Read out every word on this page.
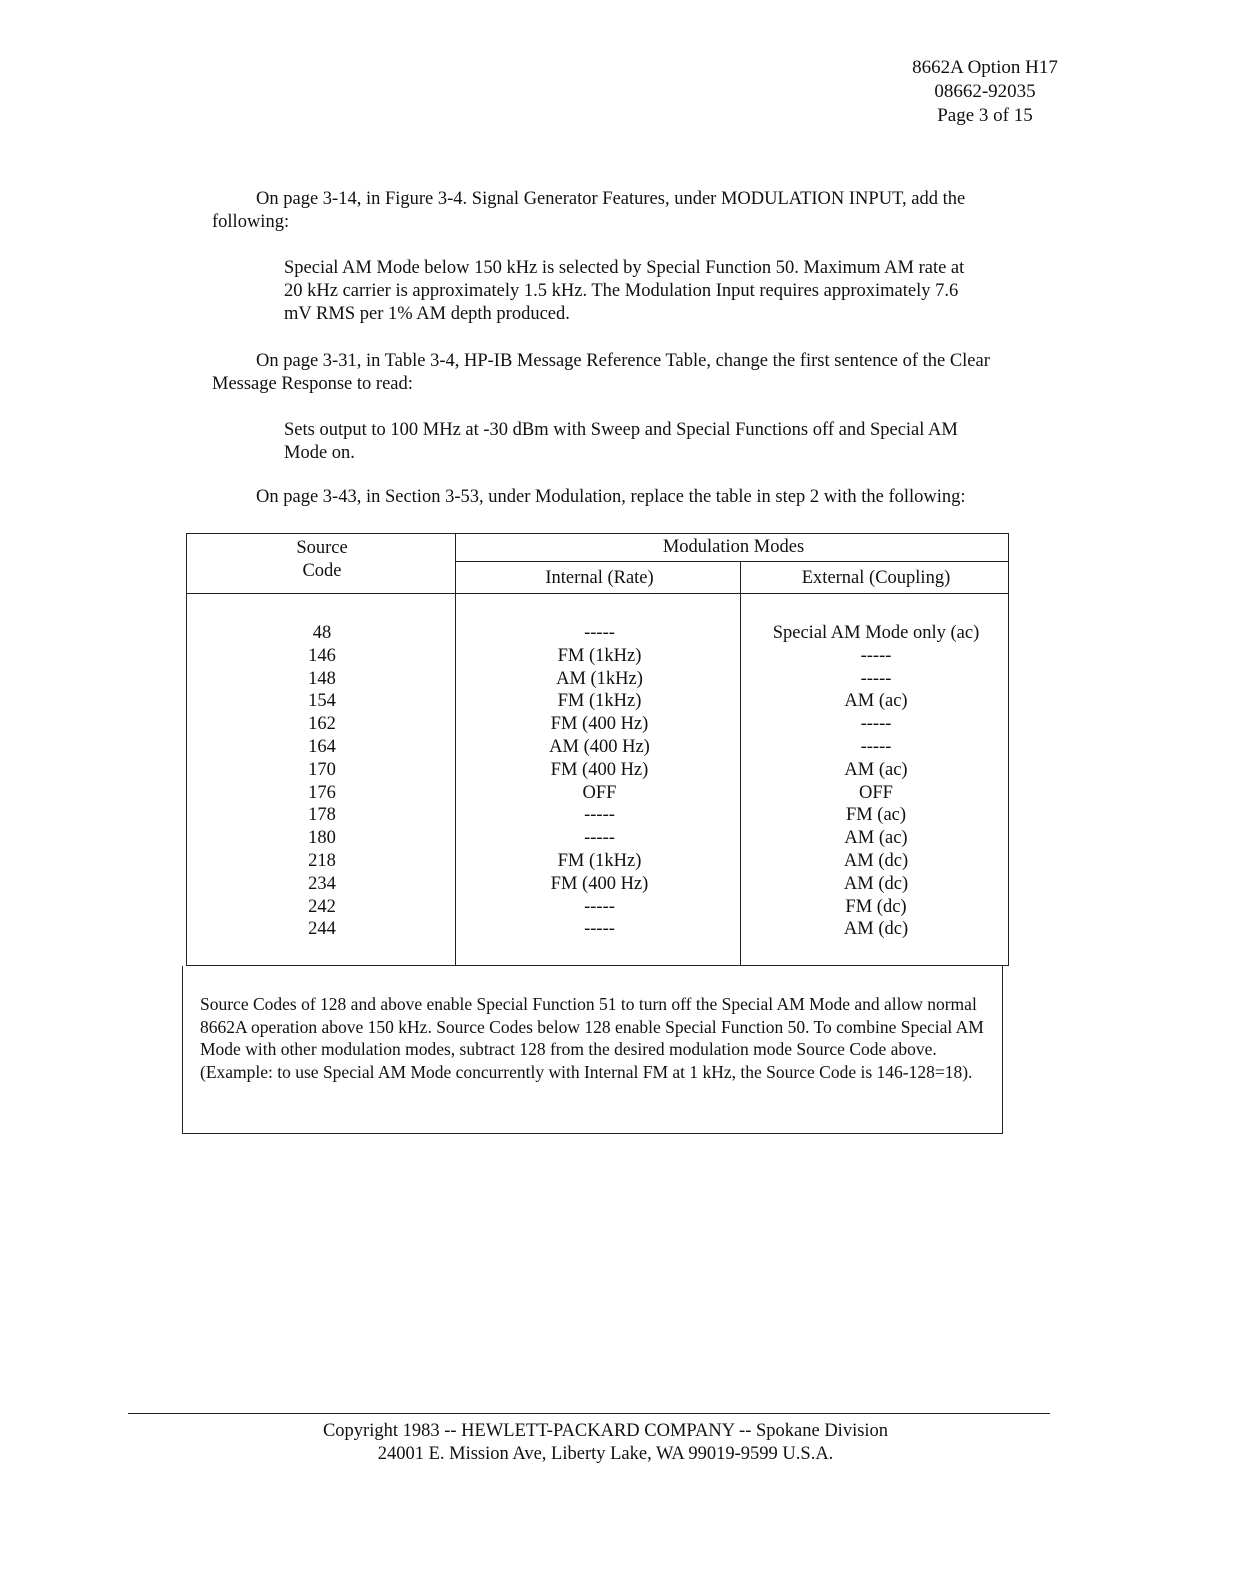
8662A Option H17
08662-92035
Page 3 of 15
On page 3-14, in Figure 3-4. Signal Generator Features, under MODULATION INPUT, add the following:
Special AM Mode below 150 kHz is selected by Special Function 50. Maximum AM rate at 20 kHz carrier is approximately 1.5 kHz. The Modulation Input requires approximately 7.6 mV RMS per 1% AM depth produced.
On page 3-31, in Table 3-4, HP-IB Message Reference Table, change the first sentence of the Clear Message Response to read:
Sets output to 100 MHz at -30 dBm with Sweep and Special Functions off and Special AM Mode on.
On page 3-43, in Section 3-53, under Modulation, replace the table in step 2 with the following:
Source
Code
Modulation Modes
Internal (Rate)	External (Coupling)
48
146
148
154
162
164
170
176
178
180
218
234
242
244
-----
FM (1kHz)
AM (1kHz)
FM (1kHz)
FM (400 Hz)
AM (400 Hz)
FM (400 Hz)
OFF
-----
-----
FM (1kHz)
FM (400 Hz)
-----
-----
Special AM Mode only (ac)
-----
-----
AM (ac)
-----
-----
AM (ac)
OFF
FM (ac)
AM (ac)
AM (dc)
AM (dc)
FM (dc)
AM (dc)

Source Codes of 128 and above enable Special Function 51 to turn off the Special AM Mode and allow normal 8662A operation above 150 kHz. Source Codes below 128 enable Special Function 50. To combine Special AM Mode with other modulation modes, subtract 128 from the desired modulation mode Source Code above. (Example: to use Special AM Mode concurrently with Internal FM at 1 kHz, the Source Code is 146-128=18).

Copyright 1983 -- HEWLETT-PACKARD COMPANY -- Spokane Division
24001 E. Mission Ave, Liberty Lake, WA 99019-9599 U.S.A.
